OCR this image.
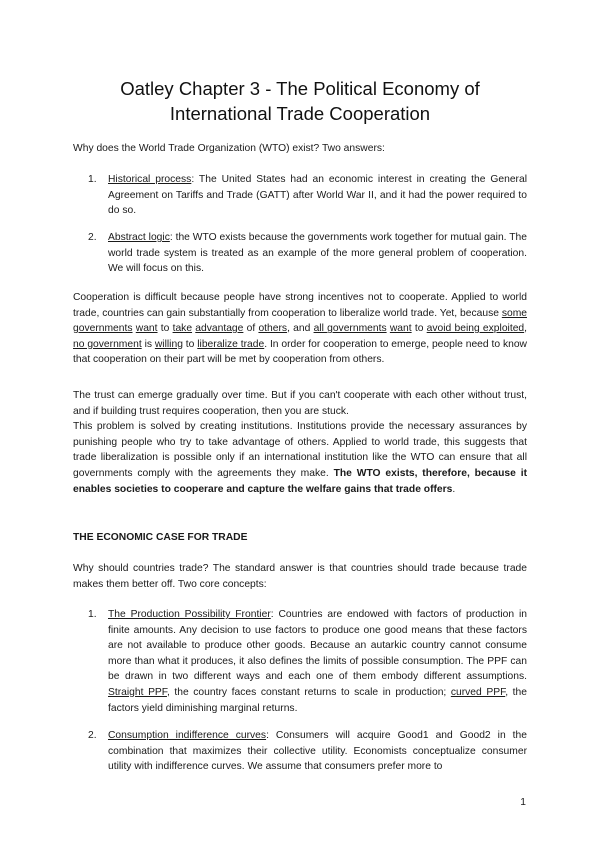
Oatley Chapter 3 - The Political Economy of
International Trade Cooperation
Why does the World Trade Organization (WTO) exist? Two answers:
1.	Historical process: The United States had an economic interest in creating the General Agreement on Tariffs and Trade (GATT) after World War II, and it had the power required to do so.
2.	Abstract logic: the WTO exists because the governments work together for mutual gain. The world trade system is treated as an example of the more general problem of cooperation. We will focus on this.
Cooperation is difficult because people have strong incentives not to cooperate. Applied to world trade, countries can gain substantially from cooperation to liberalize world trade. Yet, because some governments want to take advantage of others, and all governments want to avoid being exploited, no government is willing to liberalize trade. In order for cooperation to emerge, people need to know that cooperation on their part will be met by cooperation from others.
The trust can emerge gradually over time. But if you can't cooperate with each other without trust, and if building trust requires cooperation, then you are stuck.
This problem is solved by creating institutions. Institutions provide the necessary assurances by punishing people who try to take advantage of others. Applied to world trade, this suggests that trade liberalization is possible only if an international institution like the WTO can ensure that all governments comply with the agreements they make. The WTO exists, therefore, because it enables societies to cooperare and capture the welfare gains that trade offers.
THE ECONOMIC CASE FOR TRADE
Why should countries trade? The standard answer is that countries should trade because trade makes them better off. Two core concepts:
1.	The Production Possibility Frontier: Countries are endowed with factors of production in finite amounts. Any decision to use factors to produce one good means that these factors are not available to produce other goods. Because an autarkic country cannot consume more than what it produces, it also defines the limits of possible consumption. The PPF can be drawn in two different ways and each one of them embody different assumptions. Straight PPF, the country faces constant returns to scale in production; curved PPF, the factors yield diminishing marginal returns.
2.	Consumption indifference curves: Consumers will acquire Good1 and Good2 in the combination that maximizes their collective utility. Economists conceptualize consumer utility with indifference curves. We assume that consumers prefer more to
1
